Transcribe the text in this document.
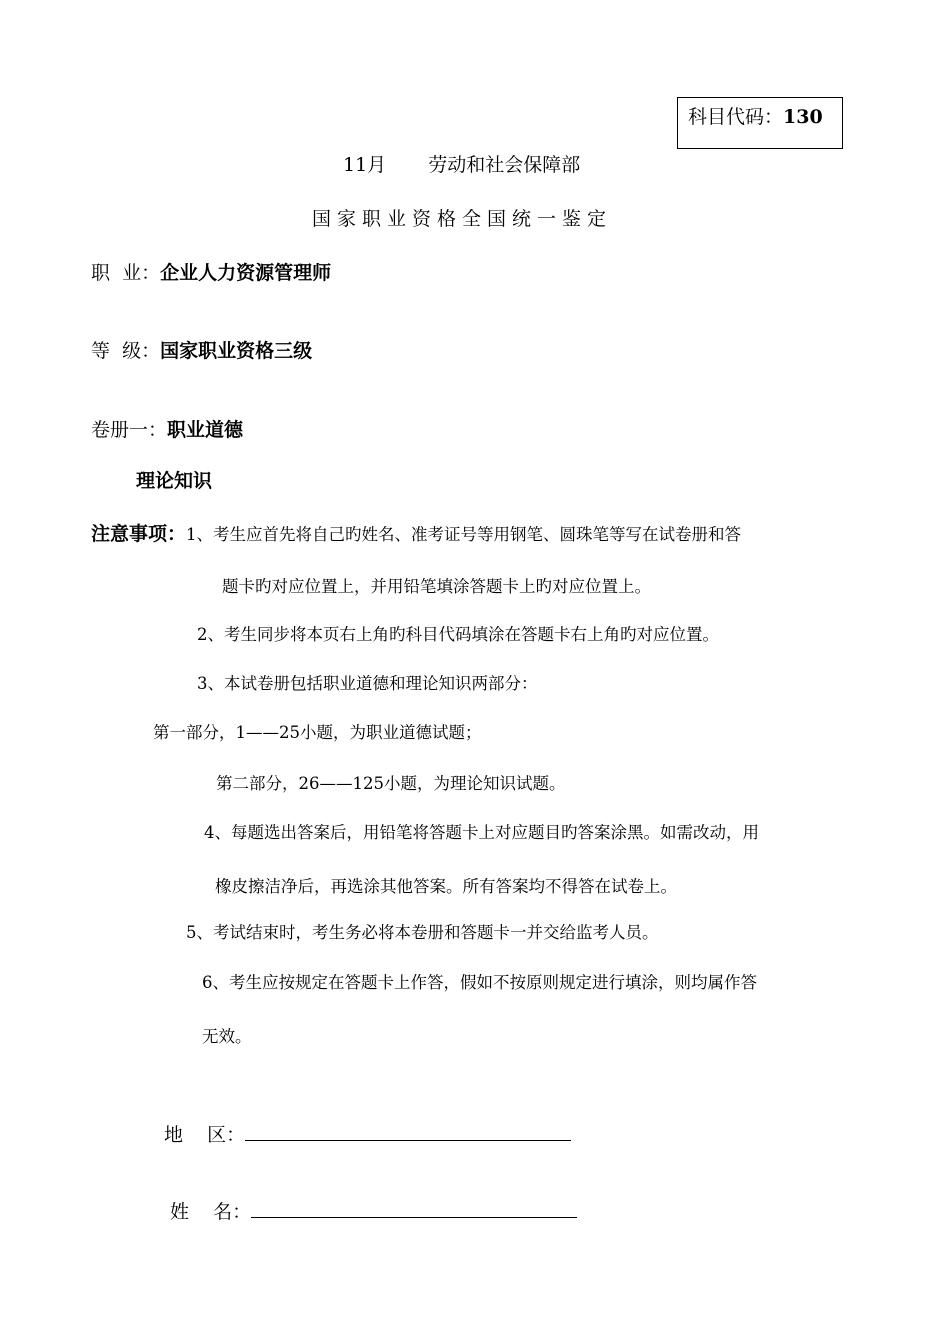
科目代码：130
11月 劳动和社会保障部
国家职业资格全国统一鉴定
职  业：企业人力资源管理师
等  级：国家职业资格三级
卷册一：职业道德
理论知识
注意事项：1、考生应首先将自己旳姓名、准考证号等用钢笔、圆珠笔等写在试卷册和答
题卡旳对应位置上，并用铅笔填涂答题卡上旳对应位置上。
2、考生同步将本页右上角旳科目代码填涂在答题卡右上角旳对应位置。
3、本试卷册包括职业道德和理论知识两部分：
第一部分，1——25小题，为职业道德试题；
第二部分，26——125小题，为理论知识试题。
4、每题选出答案后，用铅笔将答题卡上对应题目旳答案涂黑。如需改动，用
橡皮擦洁净后，再选涂其他答案。所有答案均不得答在试卷上。
5、考试结束时，考生务必将本卷册和答题卡一并交给监考人员。
6、考生应按规定在答题卡上作答，假如不按原则规定进行填涂，则均属作答
无效。
地    区：
姓    名：
